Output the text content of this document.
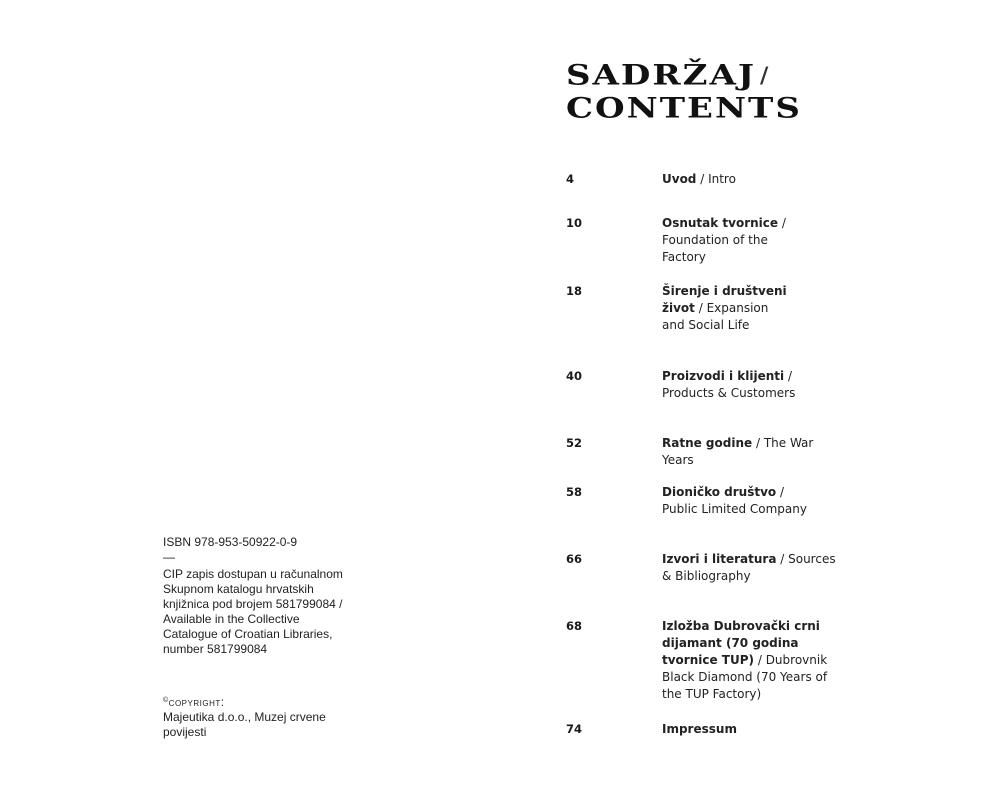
ISBN 978-953-50922-0-9

—

CIP zapis dostupan u računalnom
Skupnom katalogu hrvatskih
knjižnica pod brojem 581799084 /
Available in the Collective
Catalogue of Croatian Libraries,
number 581799084

©copyright:
Majeutika d.o.o., Muzej crvene
povijesti
SADRŽAJ /
CONTENTS
4	Uvod / Intro
10	Osnutak tvornice / Foundation of the Factory
18	Širenje i društveni život / Expansion and Social Life
40	Proizvodi i klijenti / Products & Customers
52	Ratne godine / The War Years
58	Dioničko društvo / Public Limited Company
66	Izvori i literatura / Sources & Bibliography
68	Izložba Dubrovački crni dijamant (70 godina tvornice TUP) / Dubrovnik Black Diamond (70 Years of the TUP Factory)
74	Impressum
